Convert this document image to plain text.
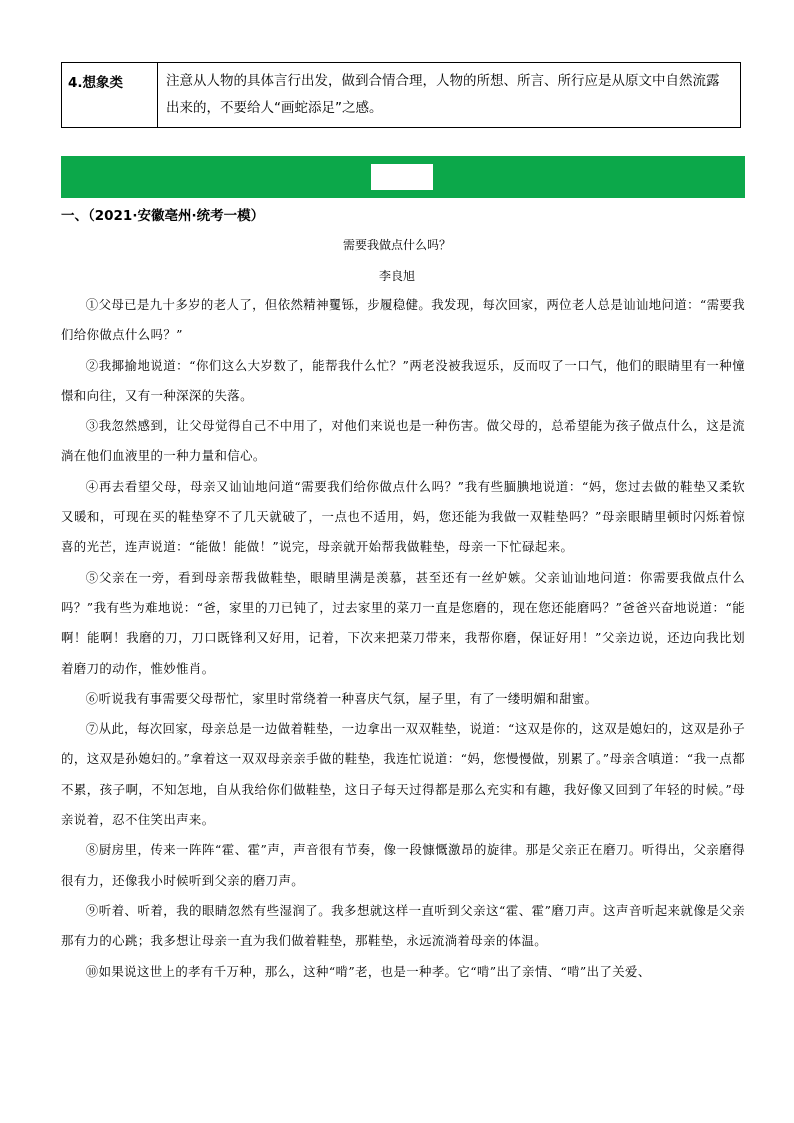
4.想象类	注意从人物的具体言行出发，做到合情合理，人物的所想、所言、所行应是从原文中自然流露出来的，不要给人“画蛇添足”之感。
一、（2021·安徽亳州·统考一模）
需要我做点什么吗？
李良旭

①父母已是九十多岁的老人了，但依然精神矍铄，步履稳健。我发现，每次回家，两位老人总是讪讪地问道：“需要我们给你做点什么吗？”

②我揶揄地说道：“你们这么大岁数了，能帮我什么忙？”两老没被我逗乐，反而叹了一口气，他们的眼睛里有一种憧憬和向往，又有一种深深的失落。

③我忽然感到，让父母觉得自己不中用了，对他们来说也是一种伤害。做父母的，总希望能为孩子做点什么，这是流淌在他们血液里的一种力量和信心。

④再去看望父母，母亲又讪讪地问道“需要我们给你做点什么吗？”我有些腼腆地说道：“妈，您过去做的鞋垫又柔软又暖和，可现在买的鞋垫穿不了几天就破了，一点也不适用，妈，您还能为我做一双鞋垫吗？”母亲眼睛里顿时闪烁着惊喜的光芒，连声说道：“能做！能做！”说完，母亲就开始帮我做鞋垫，母亲一下忙碌起来。

⑤父亲在一旁，看到母亲帮我做鞋垫，眼睛里满是羡慕，甚至还有一丝妒嫉。父亲讪讪地问道：你需要我做点什么吗？”我有些为难地说：“爸，家里的刀已钝了，过去家里的菜刀一直是您磨的，现在您还能磨吗？”爸爸兴奋地说道：“能啊！能啊！我磨的刀，刀口既锋利又好用，记着，下次来把菜刀带来，我帮你磨，保证好用！”父亲边说，还边向我比划着磨刀的动作，惟妙惟肖。

⑥听说我有事需要父母帮忙，家里时常绕着一种喜庆气氛，屋子里，有了一缕明媚和甜蜜。

⑦从此，每次回家，母亲总是一边做着鞋垫，一边拿出一双双鞋垫，说道：“这双是你的，这双是媳妇的，这双是孙子的，这双是孙媳妇的。”拿着这一双双母亲亲手做的鞋垫，我连忙说道：“妈，您慢慢做，别累了。”母亲含嗔道：“我一点都不累，孩子啊，不知怎地，自从我给你们做鞋垫，这日子每天过得都是那么充实和有趣，我好像又回到了年轻的时候。”母亲说着，忍不住笑出声来。

⑧厨房里，传来一阵阵“霍、霍”声，声音很有节奏，像一段慷慨激昂的旋律。那是父亲正在磨刀。听得出，父亲磨得很有力，还像我小时候听到父亲的磨刀声。

⑨听着、听着，我的眼睛忽然有些湿润了。我多想就这样一直听到父亲这“霍、霍”磨刀声。这声音听起来就像是父亲那有力的心跳；我多想让母亲一直为我们做着鞋垫，那鞋垫，永远流淌着母亲的体温。

⑩如果说这世上的孝有千万种，那么，这种“啃”老，也是一种孝。它“啃”出了亲情、“啃”出了关爱、
